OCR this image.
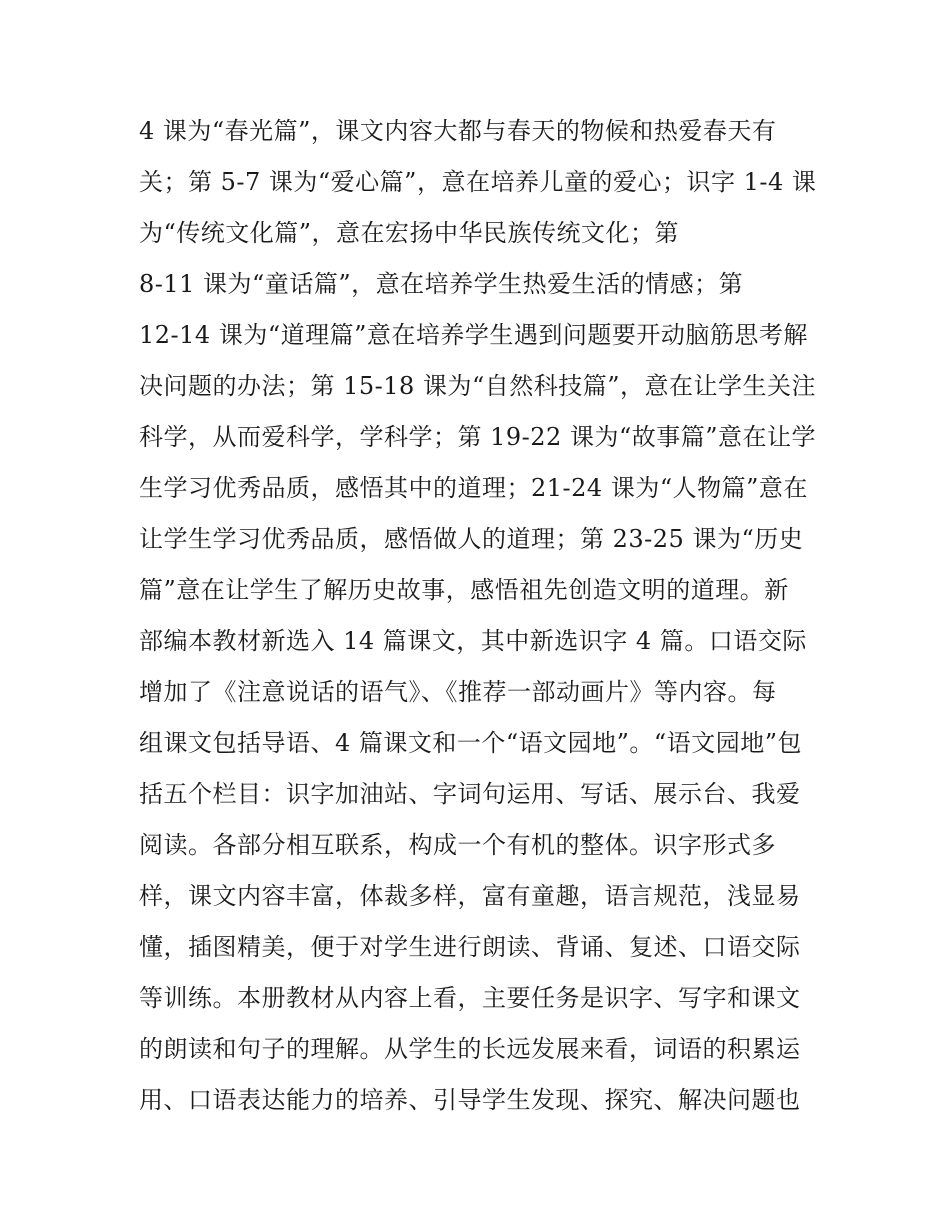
4 课为“春光篇”，课文内容大都与春天的物候和热爱春天有
关；第 5-7 课为“爱心篇”，意在培养儿童的爱心；识字 1-4 课
为“传统文化篇”，意在宏扬中华民族传统文化；第
8-11 课为“童话篇”，意在培养学生热爱生活的情感；第
12-14 课为“道理篇”意在培养学生遇到问题要开动脑筋思考解
决问题的办法；第 15-18 课为“自然科技篇”，意在让学生关注
科学，从而爱科学，学科学；第 19-22 课为“故事篇”意在让学
生学习优秀品质，感悟其中的道理；21-24 课为“人物篇”意在
让学生学习优秀品质，感悟做人的道理；第 23-25 课为“历史
篇”意在让学生了解历史故事，感悟祖先创造文明的道理。新
部编本教材新选入 14 篇课文，其中新选识字 4 篇。口语交际
增加了《注意说话的语气》、《推荐一部动画片》等内容。每
组课文包括导语、4 篇课文和一个“语文园地”。“语文园地”包
括五个栏目：识字加油站、字词句运用、写话、展示台、我爱
阅读。各部分相互联系，构成一个有机的整体。识字形式多
样，课文内容丰富，体裁多样，富有童趣，语言规范，浅显易
懂，插图精美，便于对学生进行朗读、背诵、复述、口语交际
等训练。本册教材从内容上看，主要任务是识字、写字和课文
的朗读和句子的理解。从学生的长远发展来看，词语的积累运
用、口语表达能力的培养、引导学生发现、探究、解决问题也
